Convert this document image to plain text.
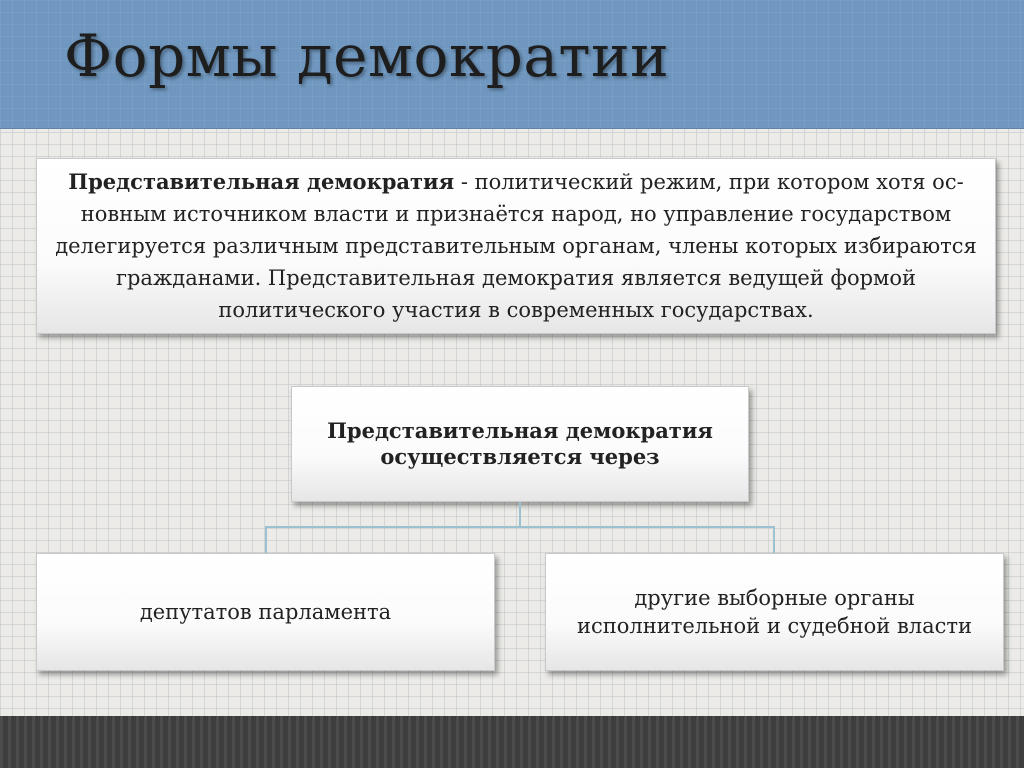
Формы демократии

Представительная демократия - политический режим, при котором хотя основным источником власти и признаётся народ, но управление государством делегируется различным представительным органам, члены которых избираются гражданами. Представительная демократия является ведущей формой политического участия в современных государствах.

Представительная демократия
осуществляется через
депутатов парламента
другие выборные органы
исполнительной и судебной власти
